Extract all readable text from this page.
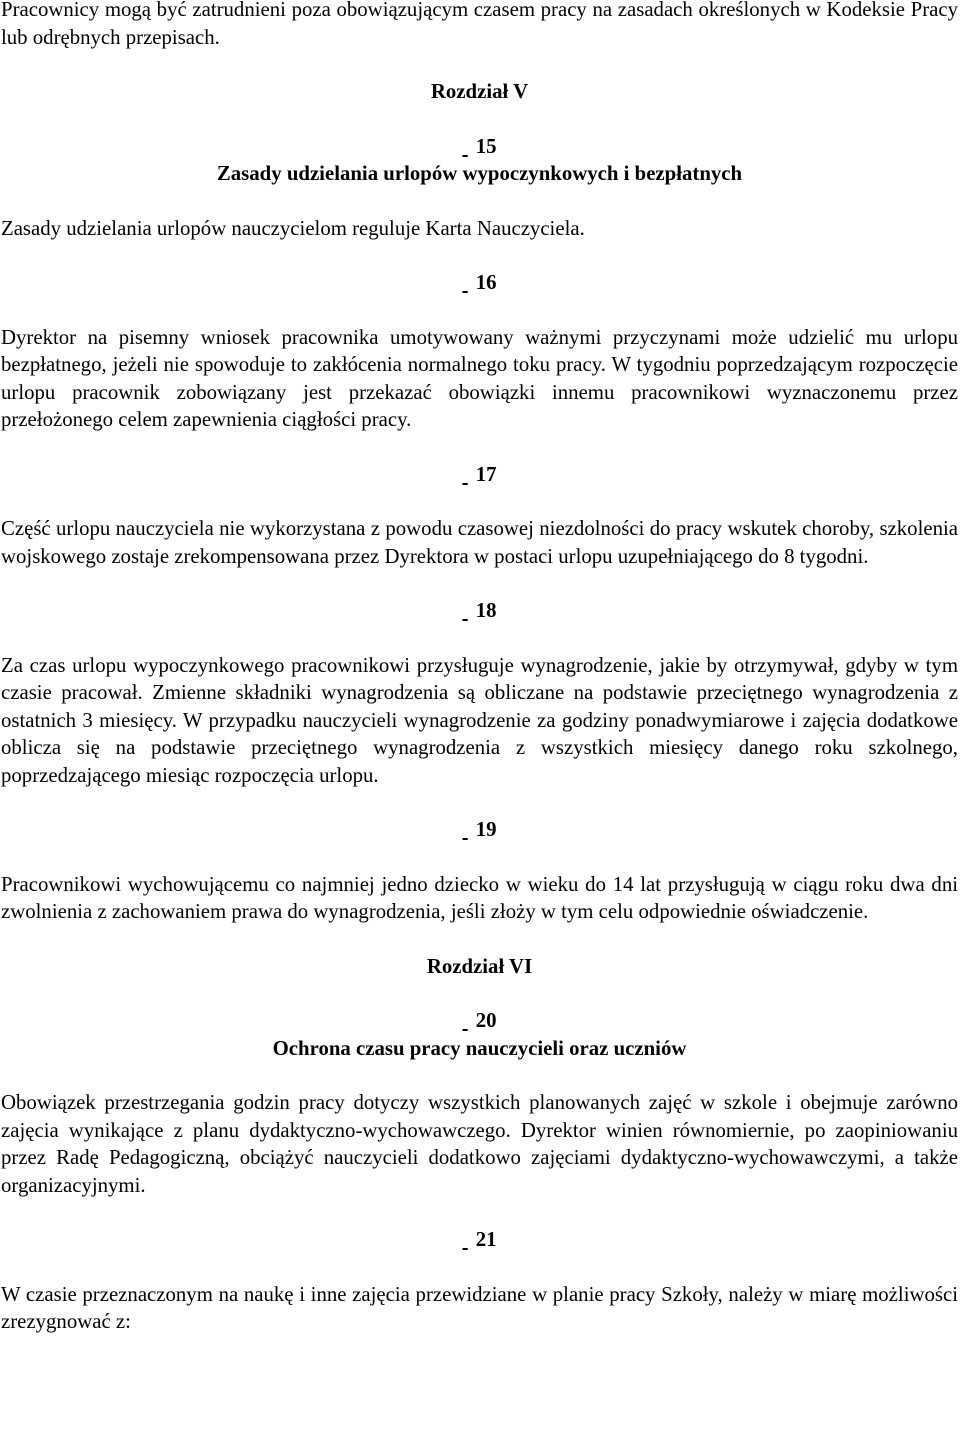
Pracownicy mogą być zatrudnieni poza obowiązującym czasem pracy na zasadach określonych w Kodeksie Pracy lub odrębnych przepisach.

Rozdział V

15

Zasady udzielania urlopów wypoczynkowych i bezpłatnych

Zasady udzielania urlopów nauczycielom reguluje Karta Nauczyciela.

16

Dyrektor na pisemny wniosek pracownika umotywowany ważnymi przyczynami może udzielić mu urlopu bezpłatnego, jeżeli nie spowoduje to zakłócenia normalnego toku pracy. W tygodniu poprzedzającym rozpoczęcie urlopu pracownik zobowiązany jest przekazać obowiązki innemu pracownikowi wyznaczonemu przez przełożonego celem zapewnienia ciągłości pracy.

17

Część urlopu nauczyciela nie wykorzystana z powodu czasowej niezdolności do pracy wskutek choroby, szkolenia wojskowego zostaje zrekompensowana przez Dyrektora w postaci urlopu uzupełniającego do 8 tygodni.

18

Za czas urlopu wypoczynkowego pracownikowi przysługuje wynagrodzenie, jakie by otrzymywał, gdyby w tym czasie pracował. Zmienne składniki wynagrodzenia są obliczane na podstawie przeciętnego wynagrodzenia z ostatnich 3 miesięcy. W przypadku nauczycieli wynagrodzenie za godziny ponadwymiarowe i zajęcia dodatkowe oblicza się na podstawie przeciętnego wynagrodzenia z wszystkich miesięcy danego roku szkolnego, poprzedzającego miesiąc rozpoczęcia urlopu.

19

Pracownikowi wychowującemu co najmniej jedno dziecko w wieku do 14 lat przysługują w ciągu roku dwa dni zwolnienia z zachowaniem prawa do wynagrodzenia, jeśli złoży w tym celu odpowiednie oświadczenie.

Rozdział VI

20

Ochrona czasu pracy nauczycieli oraz uczniów

Obowiązek przestrzegania godzin pracy dotyczy wszystkich planowanych zajęć w szkole i obejmuje zarówno zajęcia wynikające z planu dydaktyczno-wychowawczego. Dyrektor winien równomiernie, po zaopiniowaniu przez Radę Pedagogiczną, obciążyć nauczycieli dodatkowo zajęciami dydaktyczno-wychowawczymi, a także organizacyjnymi.

21

W czasie przeznaczonym na naukę i inne zajęcia przewidziane w planie pracy Szkoły, należy w miarę możliwości zrezygnować z:
